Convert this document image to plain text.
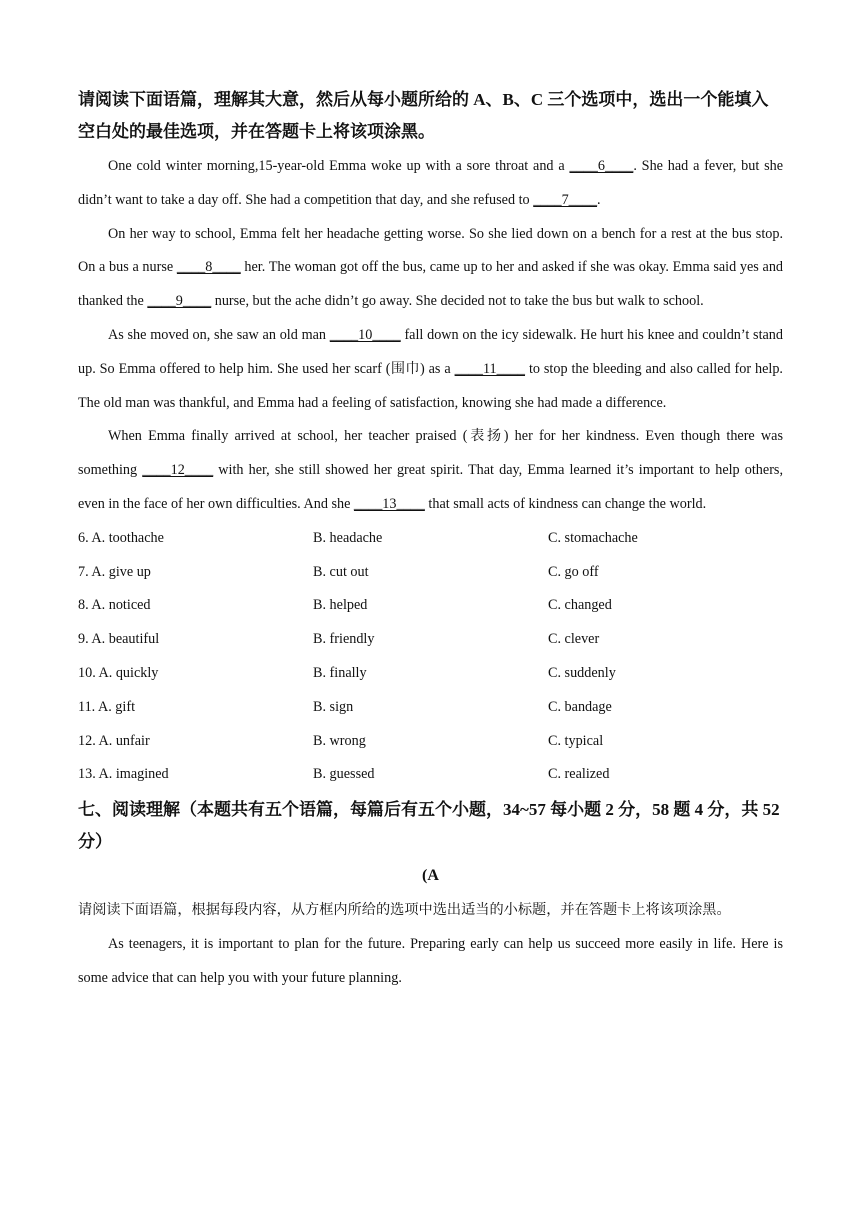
请阅读下面语篇，理解其大意，然后从每小题所给的 A、B、C 三个选项中，选出一个能填入空白处的最佳选项，并在答题卡上将该项涂黑。

One cold winter morning,15-year-old Emma woke up with a sore throat and a ____6____. She had a fever, but she didn’t want to take a day off. She had a competition that day, and she refused to ____7____.

On her way to school, Emma felt her headache getting worse. So she lied down on a bench for a rest at the bus stop. On a bus a nurse ____8____ her. The woman got off the bus, came up to her and asked if she was okay. Emma said yes and thanked the ____9____ nurse, but the ache didn’t go away. She decided not to take the bus but walk to school.

As she moved on, she saw an old man ____10____ fall down on the icy sidewalk. He hurt his knee and couldn’t stand up. So Emma offered to help him. She used her scarf (围巾) as a ____11____ to stop the bleeding and also called for help. The old man was thankful, and Emma had a feeling of satisfaction, knowing she had made a difference.

When Emma finally arrived at school, her teacher praised (表扬) her for her kindness. Even though there was something ____12____ with her, she still showed her great spirit. That day, Emma learned it’s important to help others, even in the face of her own difficulties. And she ____13____ that small acts of kindness can change the world.

6. A. toothache	B. headache	C. stomachache
7. A. give up	B. cut out	C. go off
8. A. noticed	B. helped	C. changed
9. A. beautiful	B. friendly	C. clever
10. A. quickly	B. finally	C. suddenly
11. A. gift	B. sign	C. bandage
12. A. unfair	B. wrong	C. typical
13. A. imagined	B. guessed	C. realized

七、阅读理解（本题共有五个语篇，每篇后有五个小题，34~57 每小题 2 分，58 题 4 分，共 52 分）

(A

请阅读下面语篇，根据每段内容，从方框内所给的选项中选出适当的小标题，并在答题卡上将该项涂黑。

As teenagers, it is important to plan for the future. Preparing early can help us succeed more easily in life. Here is some advice that can help you with your future planning.
